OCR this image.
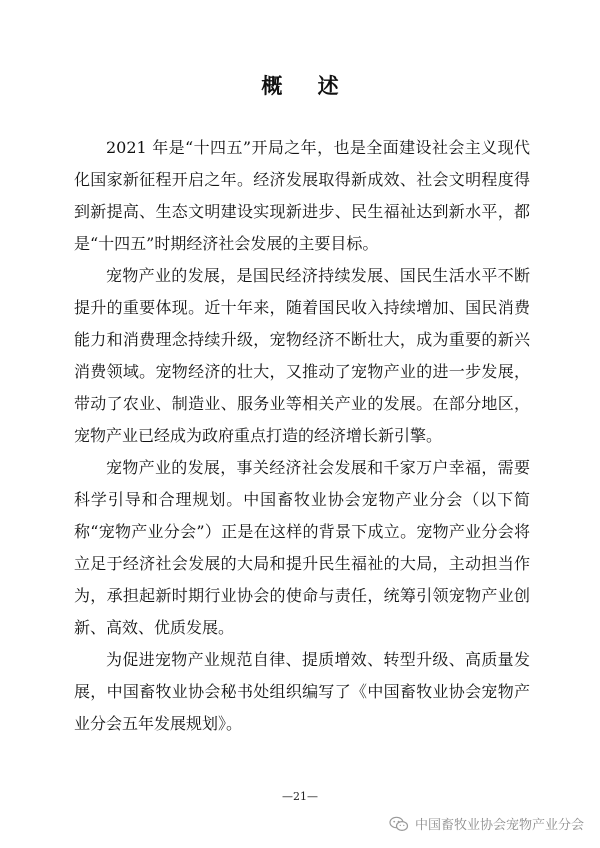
概 述

2021 年是“十四五”开局之年，也是全面建设社会主义现代化国家新征程开启之年。经济发展取得新成效、社会文明程度得到新提高、生态文明建设实现新进步、民生福祉达到新水平，都是“十四五”时期经济社会发展的主要目标。

宠物产业的发展，是国民经济持续发展、国民生活水平不断提升的重要体现。近十年来，随着国民收入持续增加、国民消费能力和消费理念持续升级，宠物经济不断壮大，成为重要的新兴消费领域。宠物经济的壮大，又推动了宠物产业的进一步发展，带动了农业、制造业、服务业等相关产业的发展。在部分地区，宠物产业已经成为政府重点打造的经济增长新引擎。

宠物产业的发展，事关经济社会发展和千家万户幸福，需要科学引导和合理规划。中国畜牧业协会宠物产业分会（以下简称“宠物产业分会”）正是在这样的背景下成立。宠物产业分会将立足于经济社会发展的大局和提升民生福祉的大局，主动担当作为，承担起新时期行业协会的使命与责任，统筹引领宠物产业创新、高效、优质发展。

为促进宠物产业规范自律、提质增效、转型升级、高质量发展，中国畜牧业协会秘书处组织编写了《中国畜牧业协会宠物产业分会五年发展规划》。

—21—
中国畜牧业协会宠物产业分会
